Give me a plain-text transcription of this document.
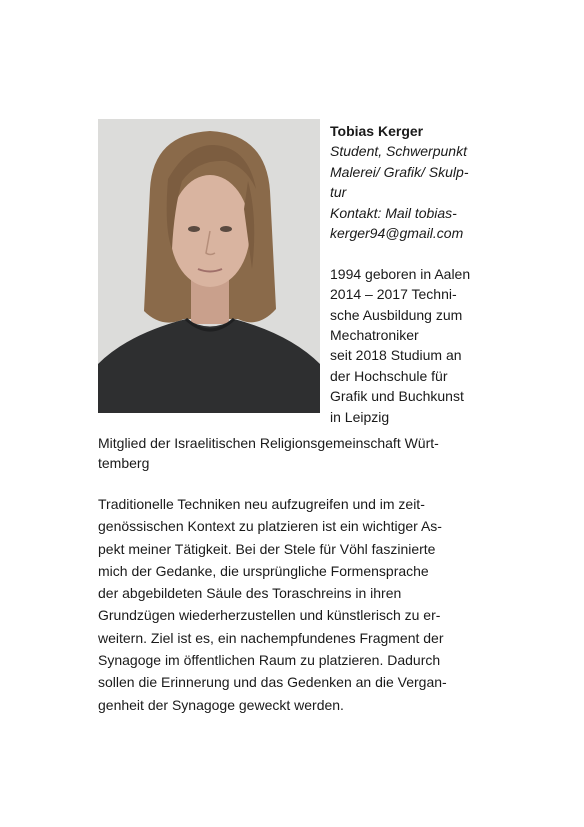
Tobias Kerger
Student, Schwerpunkt
Malerei/ Grafik/ Skulp-
tur
Kontakt: Mail tobias-
kerger94@gmail.com
1994 geboren in Aalen
2014 – 2017 Techni-
sche Ausbildung zum
Mechatroniker
seit 2018 Studium an
der Hochschule für
Grafik und Buchkunst
in Leipzig
Mitglied der Israelitischen Religionsgemeinschaft Würt-
temberg
Traditionelle Techniken neu aufzugreifen und im zeit-
genössischen Kontext zu platzieren ist ein wichtiger As-
pekt meiner Tätigkeit. Bei der Stele für Vöhl faszinierte
mich der Gedanke, die ursprüngliche Formensprache
der abgebildeten Säule des Toraschreins in ihren
Grundzügen wiederherzustellen und künstlerisch zu er-
weitern. Ziel ist es, ein nachempfundenes Fragment der
Synagoge im öffentlichen Raum zu platzieren. Dadurch
sollen die Erinnerung und das Gedenken an die Vergan-
genheit der Synagoge geweckt werden.
